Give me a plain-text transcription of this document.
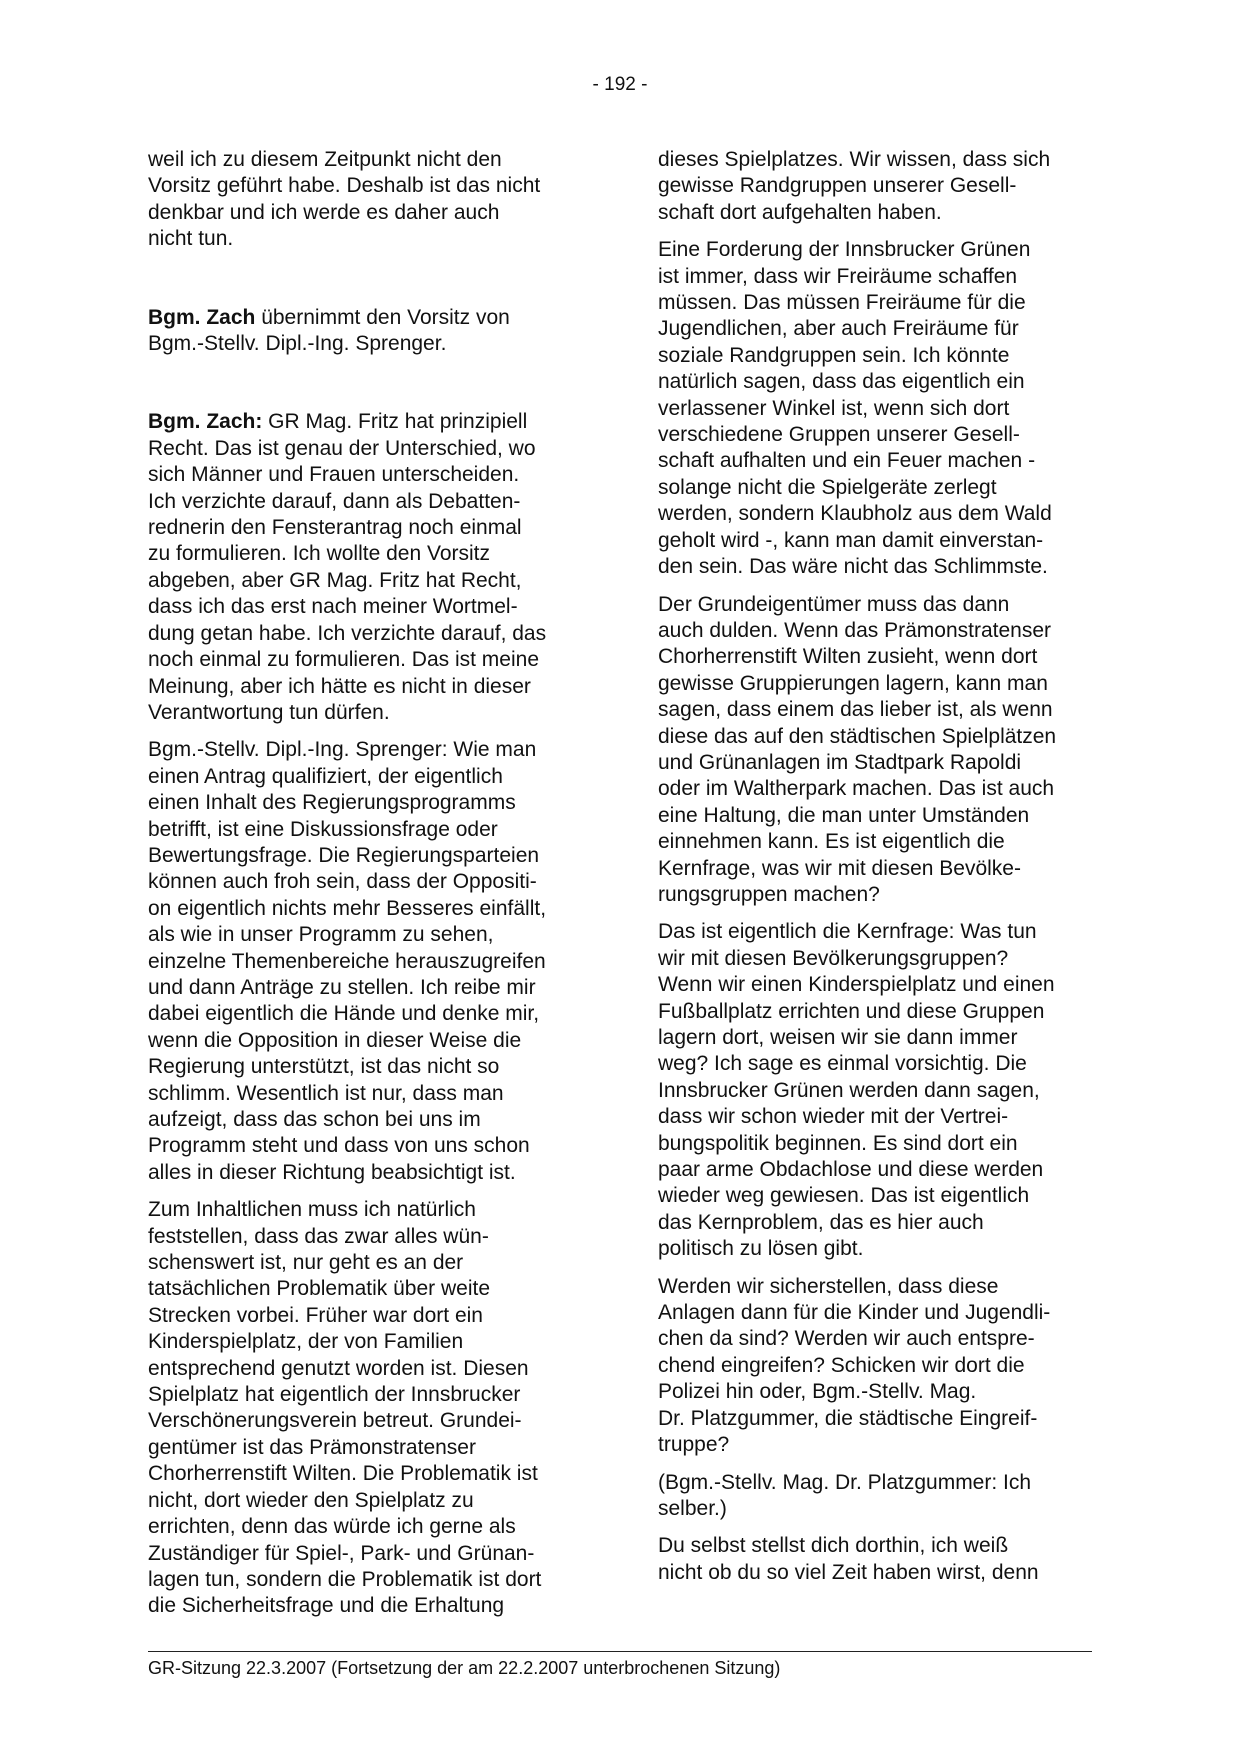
- 192 -

weil ich zu diesem Zeitpunkt nicht den
Vorsitz geführt habe. Deshalb ist das nicht
denkbar und ich werde es daher auch
nicht tun.

Bgm. Zach übernimmt den Vorsitz von
Bgm.-Stellv. Dipl.-Ing. Sprenger.

Bgm. Zach: GR Mag. Fritz hat prinzipiell
Recht. Das ist genau der Unterschied, wo
sich Männer und Frauen unterscheiden.
Ich verzichte darauf, dann als Debatten-
rednerin den Fensterantrag noch einmal
zu formulieren. Ich wollte den Vorsitz
abgeben, aber GR Mag. Fritz hat Recht,
dass ich das erst nach meiner Wortmel-
dung getan habe. Ich verzichte darauf, das
noch einmal zu formulieren. Das ist meine
Meinung, aber ich hätte es nicht in dieser
Verantwortung tun dürfen.

Bgm.-Stellv. Dipl.-Ing. Sprenger: Wie man
einen Antrag qualifiziert, der eigentlich
einen Inhalt des Regierungsprogramms
betrifft, ist eine Diskussionsfrage oder
Bewertungsfrage. Die Regierungsparteien
können auch froh sein, dass der Oppositi-
on eigentlich nichts mehr Besseres einfällt,
als wie in unser Programm zu sehen,
einzelne Themenbereiche herauszugreifen
und dann Anträge zu stellen. Ich reibe mir
dabei eigentlich die Hände und denke mir,
wenn die Opposition in dieser Weise die
Regierung unterstützt, ist das nicht so
schlimm. Wesentlich ist nur, dass man
aufzeigt, dass das schon bei uns im
Programm steht und dass von uns schon
alles in dieser Richtung beabsichtigt ist.

Zum Inhaltlichen muss ich natürlich
feststellen, dass das zwar alles wün-
schenswert ist, nur geht es an der
tatsächlichen Problematik über weite
Strecken vorbei. Früher war dort ein
Kinderspielplatz, der von Familien
entsprechend genutzt worden ist. Diesen
Spielplatz hat eigentlich der Innsbrucker
Verschönerungsverein betreut. Grundei-
gentümer ist das Prämonstratenser
Chorherrenstift Wilten. Die Problematik ist
nicht, dort wieder den Spielplatz zu
errichten, denn das würde ich gerne als
Zuständiger für Spiel-, Park- und Grünan-
lagen tun, sondern die Problematik ist dort
die Sicherheitsfrage und die Erhaltung

dieses Spielplatzes. Wir wissen, dass sich
gewisse Randgruppen unserer Gesell-
schaft dort aufgehalten haben.

Eine Forderung der Innsbrucker Grünen
ist immer, dass wir Freiräume schaffen
müssen. Das müssen Freiräume für die
Jugendlichen, aber auch Freiräume für
soziale Randgruppen sein. Ich könnte
natürlich sagen, dass das eigentlich ein
verlassener Winkel ist, wenn sich dort
verschiedene Gruppen unserer Gesell-
schaft aufhalten und ein Feuer machen -
solange nicht die Spielgeräte zerlegt
werden, sondern Klaubholz aus dem Wald
geholt wird -, kann man damit einverstan-
den sein. Das wäre nicht das Schlimmste.

Der Grundeigentümer muss das dann
auch dulden. Wenn das Prämonstratenser
Chorherrenstift Wilten zusieht, wenn dort
gewisse Gruppierungen lagern, kann man
sagen, dass einem das lieber ist, als wenn
diese das auf den städtischen Spielplätzen
und Grünanlagen im Stadtpark Rapoldi
oder im Waltherpark machen. Das ist auch
eine Haltung, die man unter Umständen
einnehmen kann. Es ist eigentlich die
Kernfrage, was wir mit diesen Bevölke-
rungsgruppen machen?

Das ist eigentlich die Kernfrage: Was tun
wir mit diesen Bevölkerungsgruppen?
Wenn wir einen Kinderspielplatz und einen
Fußballplatz errichten und diese Gruppen
lagern dort, weisen wir sie dann immer
weg? Ich sage es einmal vorsichtig. Die
Innsbrucker Grünen werden dann sagen,
dass wir schon wieder mit der Vertrei-
bungspolitik beginnen. Es sind dort ein
paar arme Obdachlose und diese werden
wieder weg gewiesen. Das ist eigentlich
das Kernproblem, das es hier auch
politisch zu lösen gibt.

Werden wir sicherstellen, dass diese
Anlagen dann für die Kinder und Jugendli-
chen da sind? Werden wir auch entspre-
chend eingreifen? Schicken wir dort die
Polizei hin oder, Bgm.-Stellv. Mag.
Dr. Platzgummer, die städtische Eingreif-
truppe?

(Bgm.-Stellv. Mag. Dr. Platzgummer: Ich
selber.)

Du selbst stellst dich dorthin, ich weiß
nicht ob du so viel Zeit haben wirst, denn

GR-Sitzung 22.3.2007 (Fortsetzung der am 22.2.2007 unterbrochenen Sitzung)
